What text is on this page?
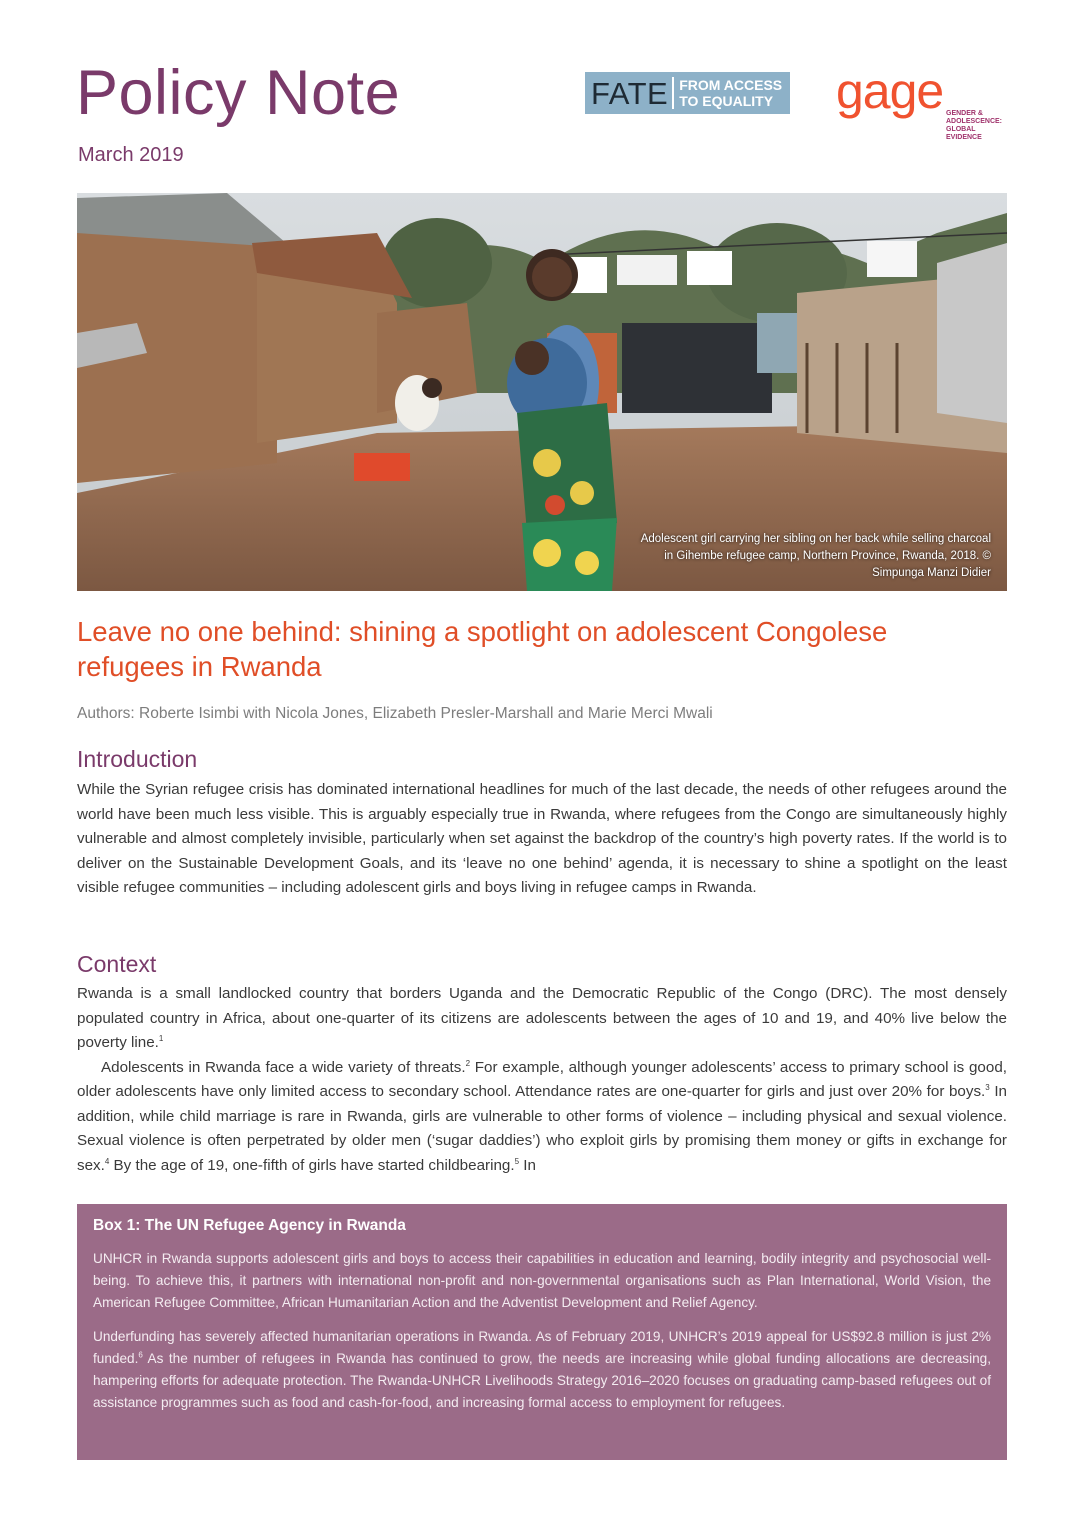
Policy Note
March 2019
FATE FROM ACCESS
TO EQUALITY gage GENDER &
ADOLESCENCE:
GLOBAL
EVIDENCE
Adolescent girl carrying her sibling on her back while selling charcoal in Gihembe refugee camp, Northern Province, Rwanda, 2018. © Simpunga Manzi Didier
Leave no one behind: shining a spotlight on adolescent Congolese refugees in Rwanda
Authors: Roberte Isimbi with Nicola Jones, Elizabeth Presler-Marshall and Marie Merci Mwali
Introduction

While the Syrian refugee crisis has dominated international headlines for much of the last decade, the needs of other refugees around the world have been much less visible. This is arguably especially true in Rwanda, where refugees from the Congo are simultaneously highly vulnerable and almost completely invisible, particularly when set against the backdrop of the country’s high poverty rates. If the world is to deliver on the Sustainable Development Goals, and its ‘leave no one behind’ agenda, it is necessary to shine a spotlight on the least visible refugee communities – including adolescent girls and boys living in refugee camps in Rwanda.

Context

Rwanda is a small landlocked country that borders Uganda and the Democratic Republic of the Congo (DRC). The most densely populated country in Africa, about one-quarter of its citizens are adolescents between the ages of 10 and 19, and 40% live below the poverty line.$^1$

Adolescents in Rwanda face a wide variety of threats.$^2$ For example, although younger adolescents’ access to primary school is good, older adolescents have only limited access to secondary school. Attendance rates are one-quarter for girls and just over 20% for boys.$^3$ In addition, while child marriage is rare in Rwanda, girls are vulnerable to other forms of violence – including physical and sexual violence. Sexual violence is often perpetrated by older men (‘sugar daddies’) who exploit girls by promising them money or gifts in exchange for sex.$^4$ By the age of 19, one-fifth of girls have started childbearing.$^5$ In

Box 1: The UN Refugee Agency in Rwanda

UNHCR in Rwanda supports adolescent girls and boys to access their capabilities in education and learning, bodily integrity and psychosocial well-being. To achieve this, it partners with international non-profit and non-governmental organisations such as Plan International, World Vision, the American Refugee Committee, African Humanitarian Action and the Adventist Development and Relief Agency.

Underfunding has severely affected humanitarian operations in Rwanda. As of February 2019, UNHCR’s 2019 appeal for US$92.8 million is just 2% funded.$^6$ As the number of refugees in Rwanda has continued to grow, the needs are increasing while global funding allocations are decreasing, hampering efforts for adequate protection. The Rwanda-UNHCR Livelihoods Strategy 2016–2020 focuses on graduating camp-based refugees out of assistance programmes such as food and cash-for-food, and increasing formal access to employment for refugees.
